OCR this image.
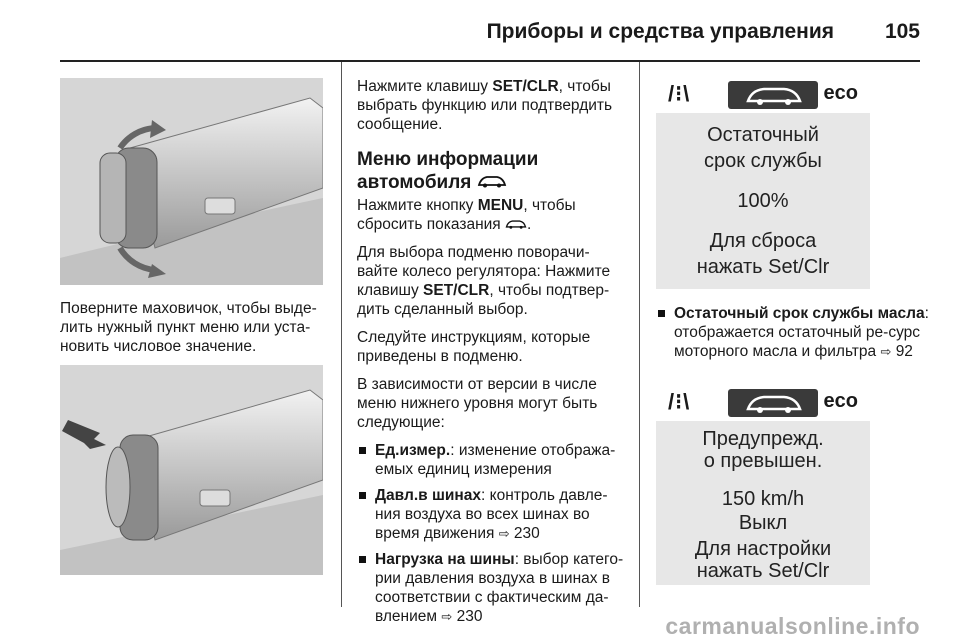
Приборы и средства управления 105
Поверните маховичок, чтобы выде-
лить нужный пункт меню или уста-
новить числовое значение.

Нажмите клавишу SET/CLR, чтобы выбрать функцию или подтвердить сообщение.

Меню информации
автомобиля

Нажмите кнопку MENU, чтобы сбросить показания .

Для выбора подменю поворачи-вайте колесо регулятора: Нажмите клавишу SET/CLR, чтобы подтвер-дить сделанный выбор.

Следуйте инструкциям, которые приведены в подменю.

В зависимости от версии в числе меню нижнего уровня могут быть следующие:

Ед.измер.: изменение отобража-емых единиц измерения
Давл.в шинах: контроль давле-ния воздуха во всех шинах во время движения ⇨ 230
Нагрузка на шины: выбор катего-рии давления воздуха в шинах в соответствии с фактическим да-влением ⇨ 230
/⁝\	eco
Остаточный
срок службы
100%
Для сброса
нажать Set/Clr
Остаточный срок службы масла: отображается остаточный ре-сурс моторного масла и фильтра ⇨ 92
/⁝\	eco
Предупрежд.
о превышен.
150 km/h
Выкл
Для настройки
нажать Set/Clr
carmanualsonline.info
